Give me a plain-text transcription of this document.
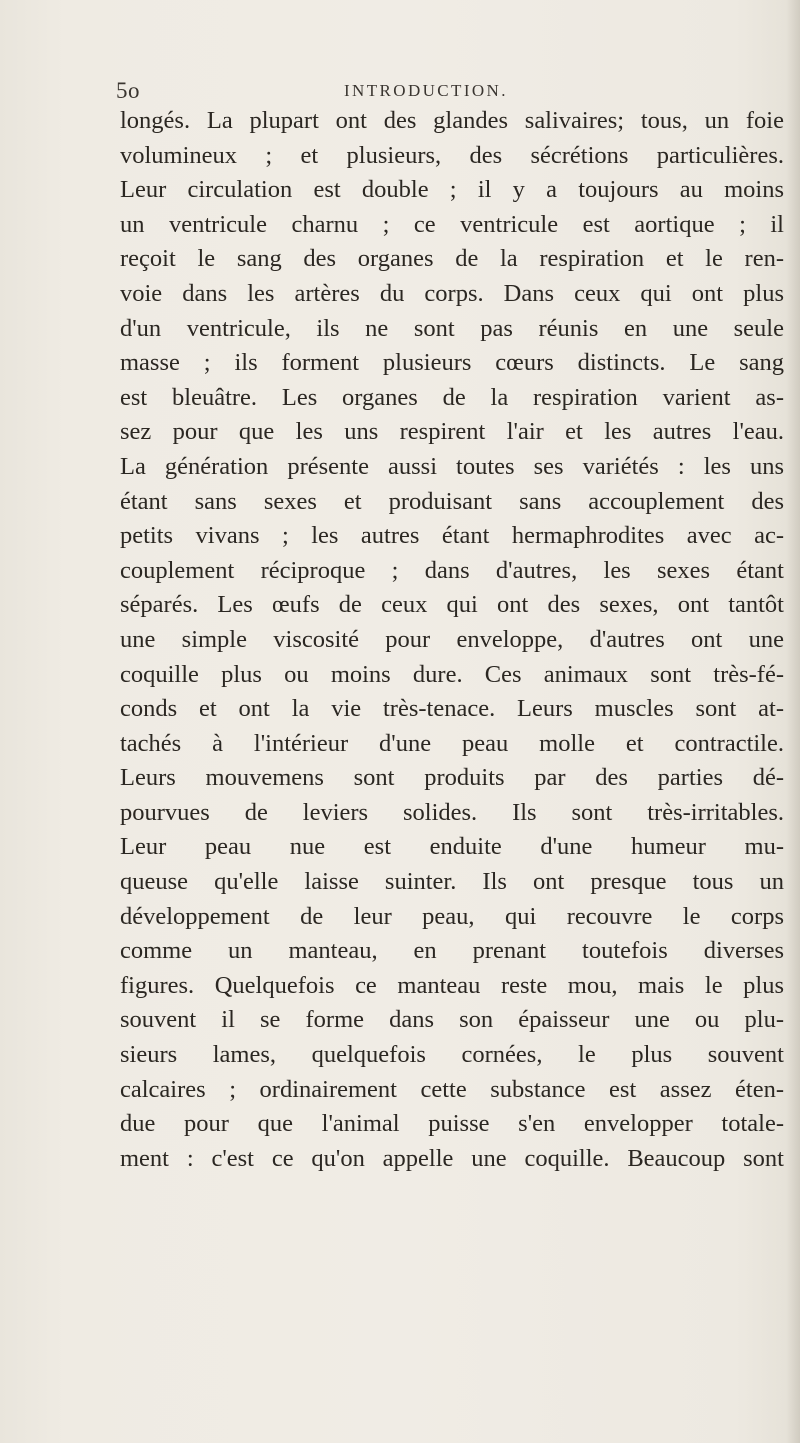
5o	INTRODUCTION.
longés. La plupart ont des glandes salivaires; tous, un foie
volumineux ; et plusieurs, des sécrétions particulières.
Leur circulation est double ; il y a toujours au moins
un ventricule charnu ; ce ventricule est aortique ; il
reçoit le sang des organes de la respiration et le ren-
voie dans les artères du corps. Dans ceux qui ont plus
d'un ventricule, ils ne sont pas réunis en une seule
masse ; ils forment plusieurs cœurs distincts. Le sang
est bleuâtre. Les organes de la respiration varient as-
sez pour que les uns respirent l'air et les autres l'eau.
La génération présente aussi toutes ses variétés : les uns
étant sans sexes et produisant sans accouplement des
petits vivans ; les autres étant hermaphrodites avec ac-
couplement réciproque ; dans d'autres, les sexes étant
séparés. Les œufs de ceux qui ont des sexes, ont tantôt
une simple viscosité pour enveloppe, d'autres ont une
coquille plus ou moins dure. Ces animaux sont très-fé-
conds et ont la vie très-tenace. Leurs muscles sont at-
tachés à l'intérieur d'une peau molle et contractile.
Leurs mouvemens sont produits par des parties dé-
pourvues de leviers solides. Ils sont très-irritables.
Leur peau nue est enduite d'une humeur mu-
queuse qu'elle laisse suinter. Ils ont presque tous un
développement de leur peau, qui recouvre le corps
comme un manteau, en prenant toutefois diverses
figures. Quelquefois ce manteau reste mou, mais le plus
souvent il se forme dans son épaisseur une ou plu-
sieurs lames, quelquefois cornées, le plus souvent
calcaires ; ordinairement cette substance est assez éten-
due pour que l'animal puisse s'en envelopper totale-
ment : c'est ce qu'on appelle une coquille. Beaucoup sont
